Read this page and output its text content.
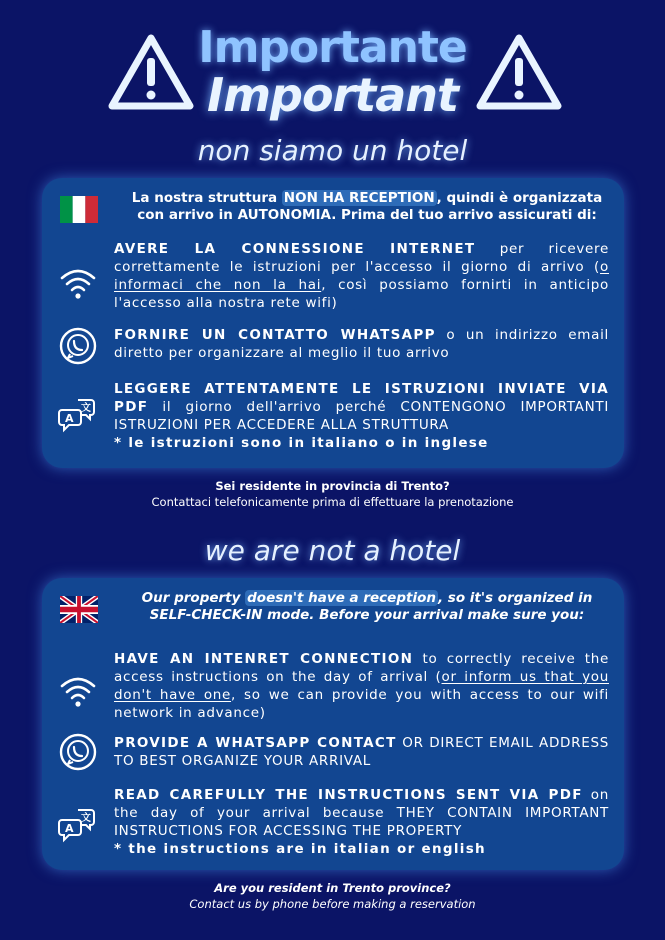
Importante
Important
non siamo un hotel
La nostra struttura NON HA RECEPTION , quindi è organizzata con arrivo in AUTONOMIA. Prima del tuo arrivo assicurati di:
AVERE LA CONNESSIONE INTERNET per ricevere correttamente le istruzioni per l'accesso il giorno di arrivo (o informaci che non la hai, così possiamo fornirti in anticipo l'accesso alla nostra rete wifi)
FORNIRE UN CONTATTO WHATSAPP o un indirizzo email diretto per organizzare al meglio il tuo arrivo
A
文
LEGGERE ATTENTAMENTE LE ISTRUZIONI INVIATE VIA PDF il giorno dell'arrivo perché CONTENGONO IMPORTANTI ISTRUZIONI PER ACCEDERE ALLA STRUTTURA
* le istruzioni sono in italiano o in inglese
Sei residente in provincia di Trento?
Contattaci telefonicamente prima di effettuare la prenotazione
we are not a hotel
Our property doesn't have a reception , so it's organized in SELF-CHECK-IN mode. Before your arrival make sure you:
HAVE AN INTENRET CONNECTION to correctly receive the access instructions on the day of arrival (or inform us that you don't have one, so we can provide you with access to our wifi network in advance)
PROVIDE A WHATSAPP CONTACT OR DIRECT EMAIL ADDRESS TO BEST ORGANIZE YOUR ARRIVAL
A
文
READ CAREFULLY THE INSTRUCTIONS SENT VIA PDF on the day of your arrival because THEY CONTAIN IMPORTANT INSTRUCTIONS FOR ACCESSING THE PROPERTY
* the instructions are in italian or english
Are you resident in Trento province?
Contact us by phone before making a reservation
